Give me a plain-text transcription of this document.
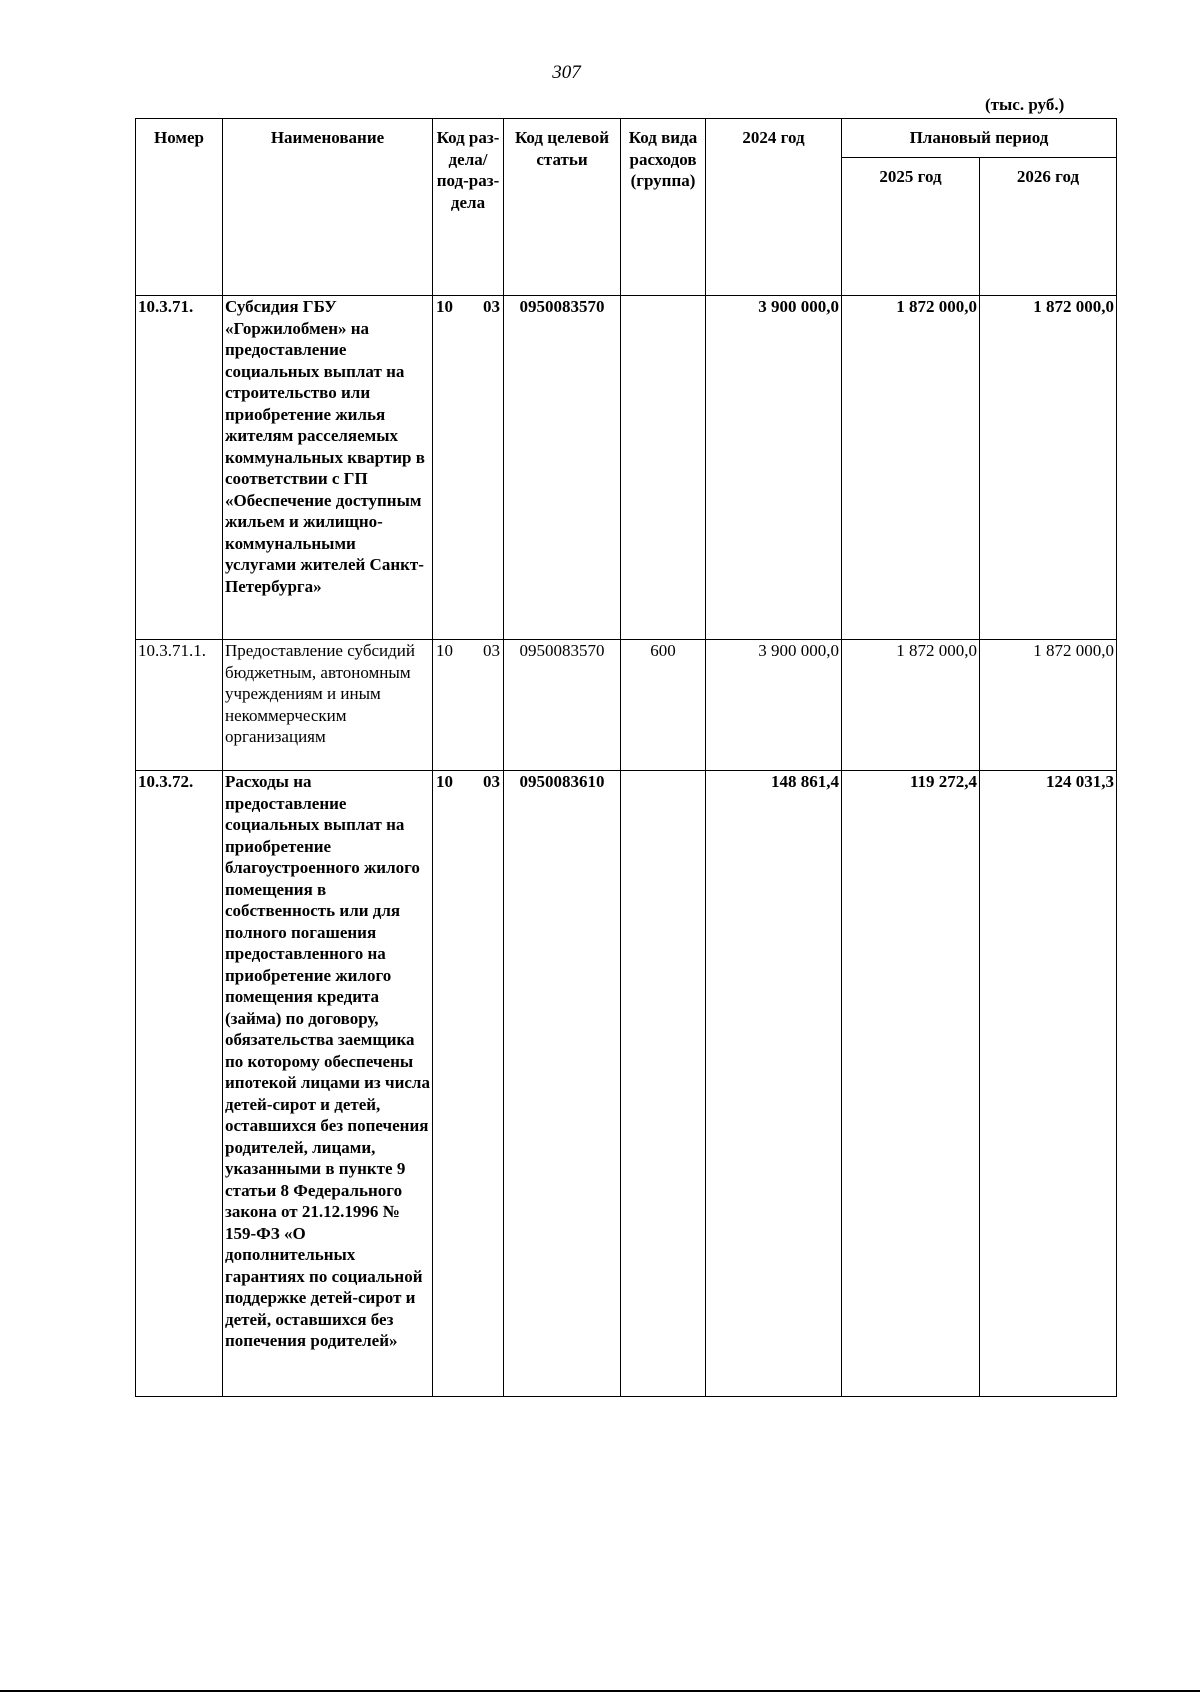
307
(тыс. руб.)
Номер	Наименование	Код раз-дела/ под-раз-дела	Код целевой статьи	Код вида расходов (группа)	2024 год	Плановый период	
						2025 год	2026 год
10.3.71.	Субсидия ГБУ «Горжилобмен» на предоставление социальных выплат на строительство или приобретение жилья жителям расселяемых коммунальных квартир в соответствии с ГП «Обеспечение доступным жильем и жилищно-коммунальными услугами жителей Санкт-Петербурга»	10 03	0950083570		3 900 000,0	1 872 000,0	1 872 000,0
10.3.71.1.	Предоставление субсидий бюджетным, автономным учреждениям и иным некоммерческим организациям	10 03	0950083570	600	3 900 000,0	1 872 000,0	1 872 000,0
10.3.72.	Расходы на предоставление социальных выплат на приобретение благоустроенного жилого помещения в собственность или для полного погашения предоставленного на приобретение жилого помещения кредита (займа) по договору, обязательства заемщика по которому обеспечены ипотекой лицами из числа детей-сирот и детей, оставшихся без попечения родителей, лицами, указанными в пункте 9 статьи 8 Федерального закона от 21.12.1996 № 159-ФЗ «О дополнительных гарантиях по социальной поддержке детей-сирот и детей, оставшихся без попечения родителей»	10 03	0950083610		148 861,4	119 272,4	124 031,3
